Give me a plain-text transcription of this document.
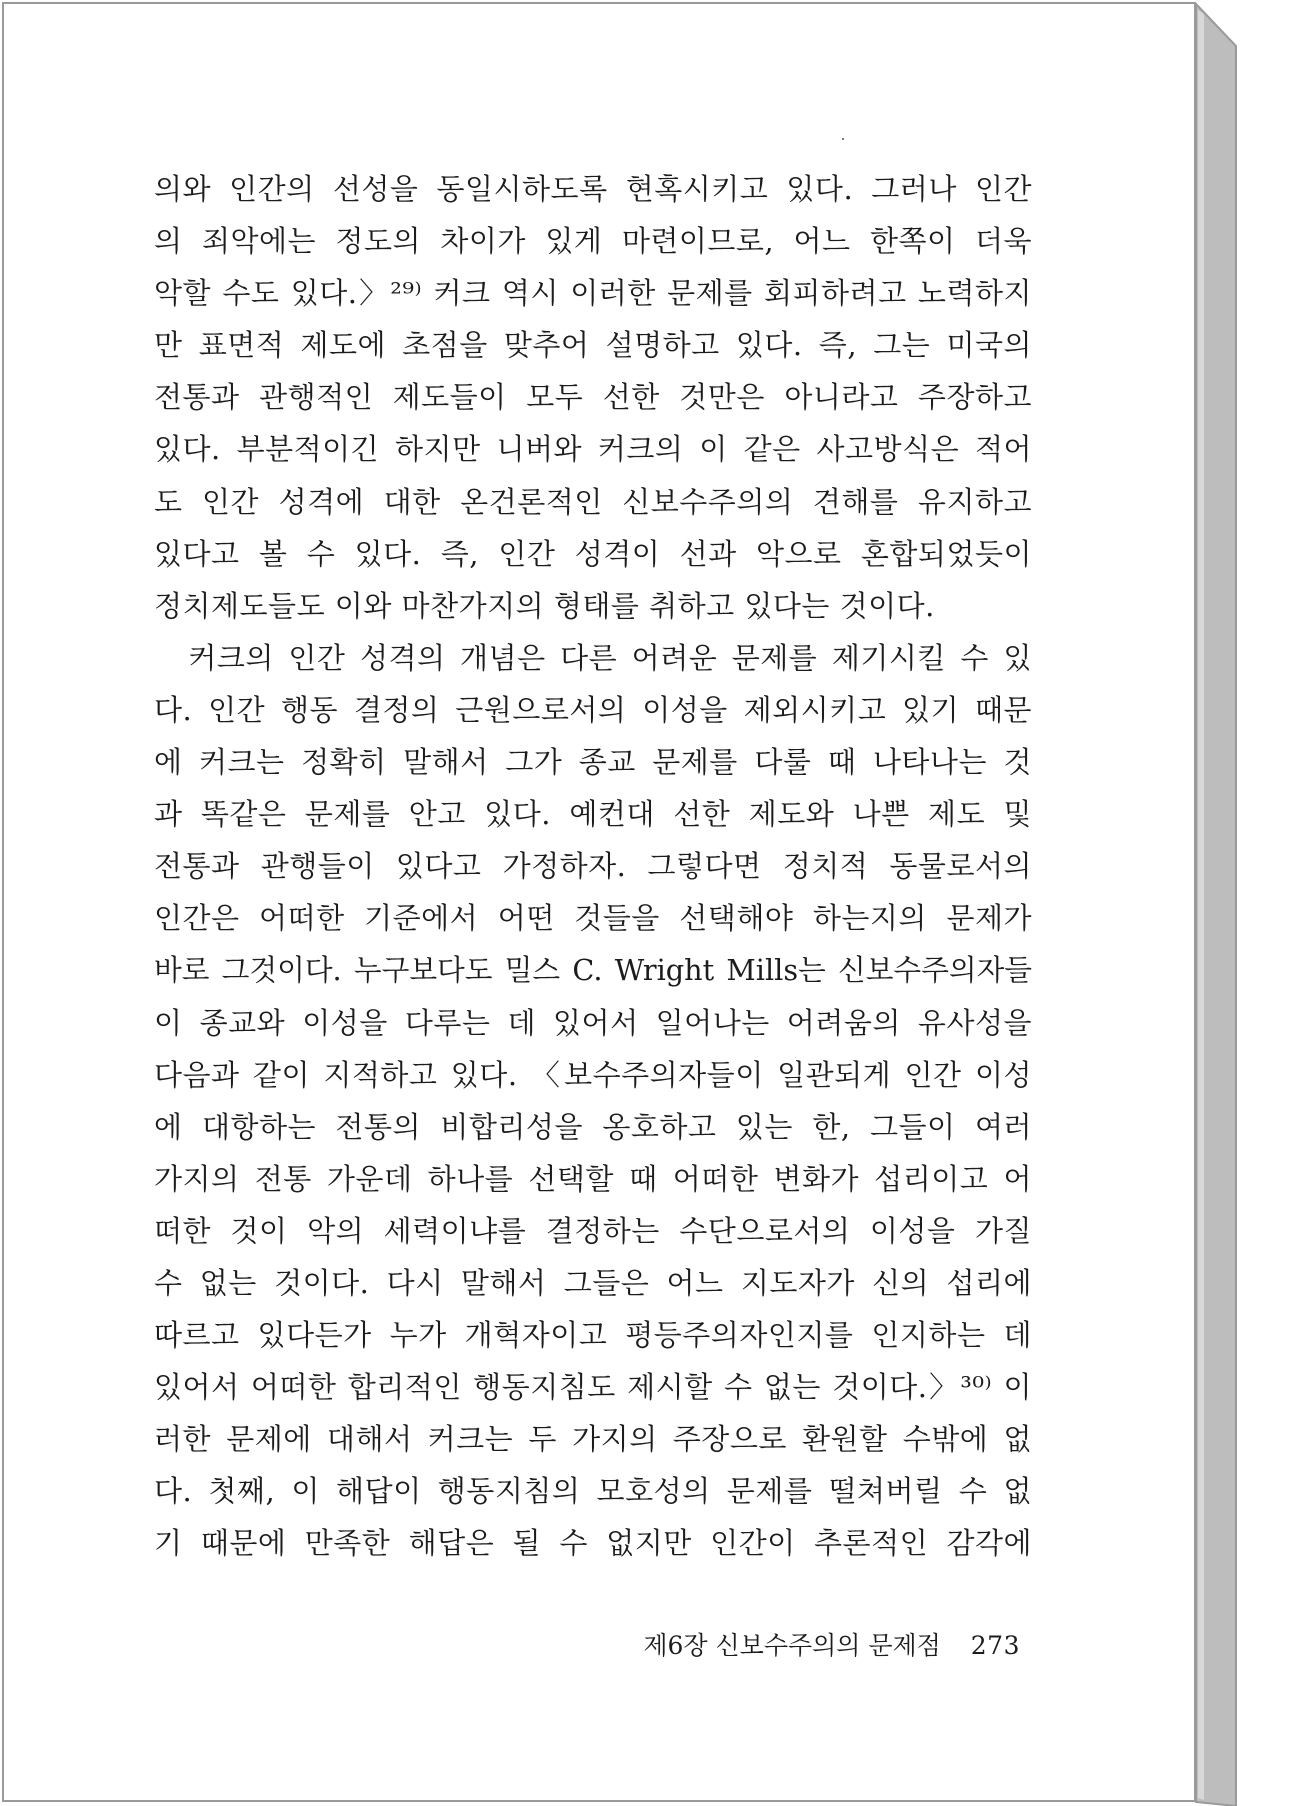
의와 인간의 선성을 동일시하도록 현혹시키고 있다. 그러나 인간
의 죄악에는 정도의 차이가 있게 마련이므로, 어느 한쪽이 더욱
악할 수도 있다.〉²⁹⁾ 커크 역시 이러한 문제를 회피하려고 노력하지
만 표면적 제도에 초점을 맞추어 설명하고 있다. 즉, 그는 미국의
전통과 관행적인 제도들이 모두 선한 것만은 아니라고 주장하고
있다. 부분적이긴 하지만 니버와 커크의 이 같은 사고방식은 적어
도 인간 성격에 대한 온건론적인 신보수주의의 견해를 유지하고
있다고 볼 수 있다. 즉, 인간 성격이 선과 악으로 혼합되었듯이
정치제도들도 이와 마찬가지의 형태를 취하고 있다는 것이다.
　커크의 인간 성격의 개념은 다른 어려운 문제를 제기시킬 수 있
다. 인간 행동 결정의 근원으로서의 이성을 제외시키고 있기 때문
에 커크는 정확히 말해서 그가 종교 문제를 다룰 때 나타나는 것
과 똑같은 문제를 안고 있다. 예컨대 선한 제도와 나쁜 제도 및
전통과 관행들이 있다고 가정하자. 그렇다면 정치적 동물로서의
인간은 어떠한 기준에서 어떤 것들을 선택해야 하는지의 문제가
바로 그것이다. 누구보다도 밀스 C. Wright Mills는 신보수주의자들
이 종교와 이성을 다루는 데 있어서 일어나는 어려움의 유사성을
다음과 같이 지적하고 있다. 〈보수주의자들이 일관되게 인간 이성
에 대항하는 전통의 비합리성을 옹호하고 있는 한, 그들이 여러
가지의 전통 가운데 하나를 선택할 때 어떠한 변화가 섭리이고 어
떠한 것이 악의 세력이냐를 결정하는 수단으로서의 이성을 가질
수 없는 것이다. 다시 말해서 그들은 어느 지도자가 신의 섭리에
따르고 있다든가 누가 개혁자이고 평등주의자인지를 인지하는 데
있어서 어떠한 합리적인 행동지침도 제시할 수 없는 것이다.〉³⁰⁾ 이
러한 문제에 대해서 커크는 두 가지의 주장으로 환원할 수밖에 없
다. 첫째, 이 해답이 행동지침의 모호성의 문제를 떨쳐버릴 수 없
기 때문에 만족한 해답은 될 수 없지만 인간이 추론적인 감각에
제6장 신보수주의의 문제점 273
